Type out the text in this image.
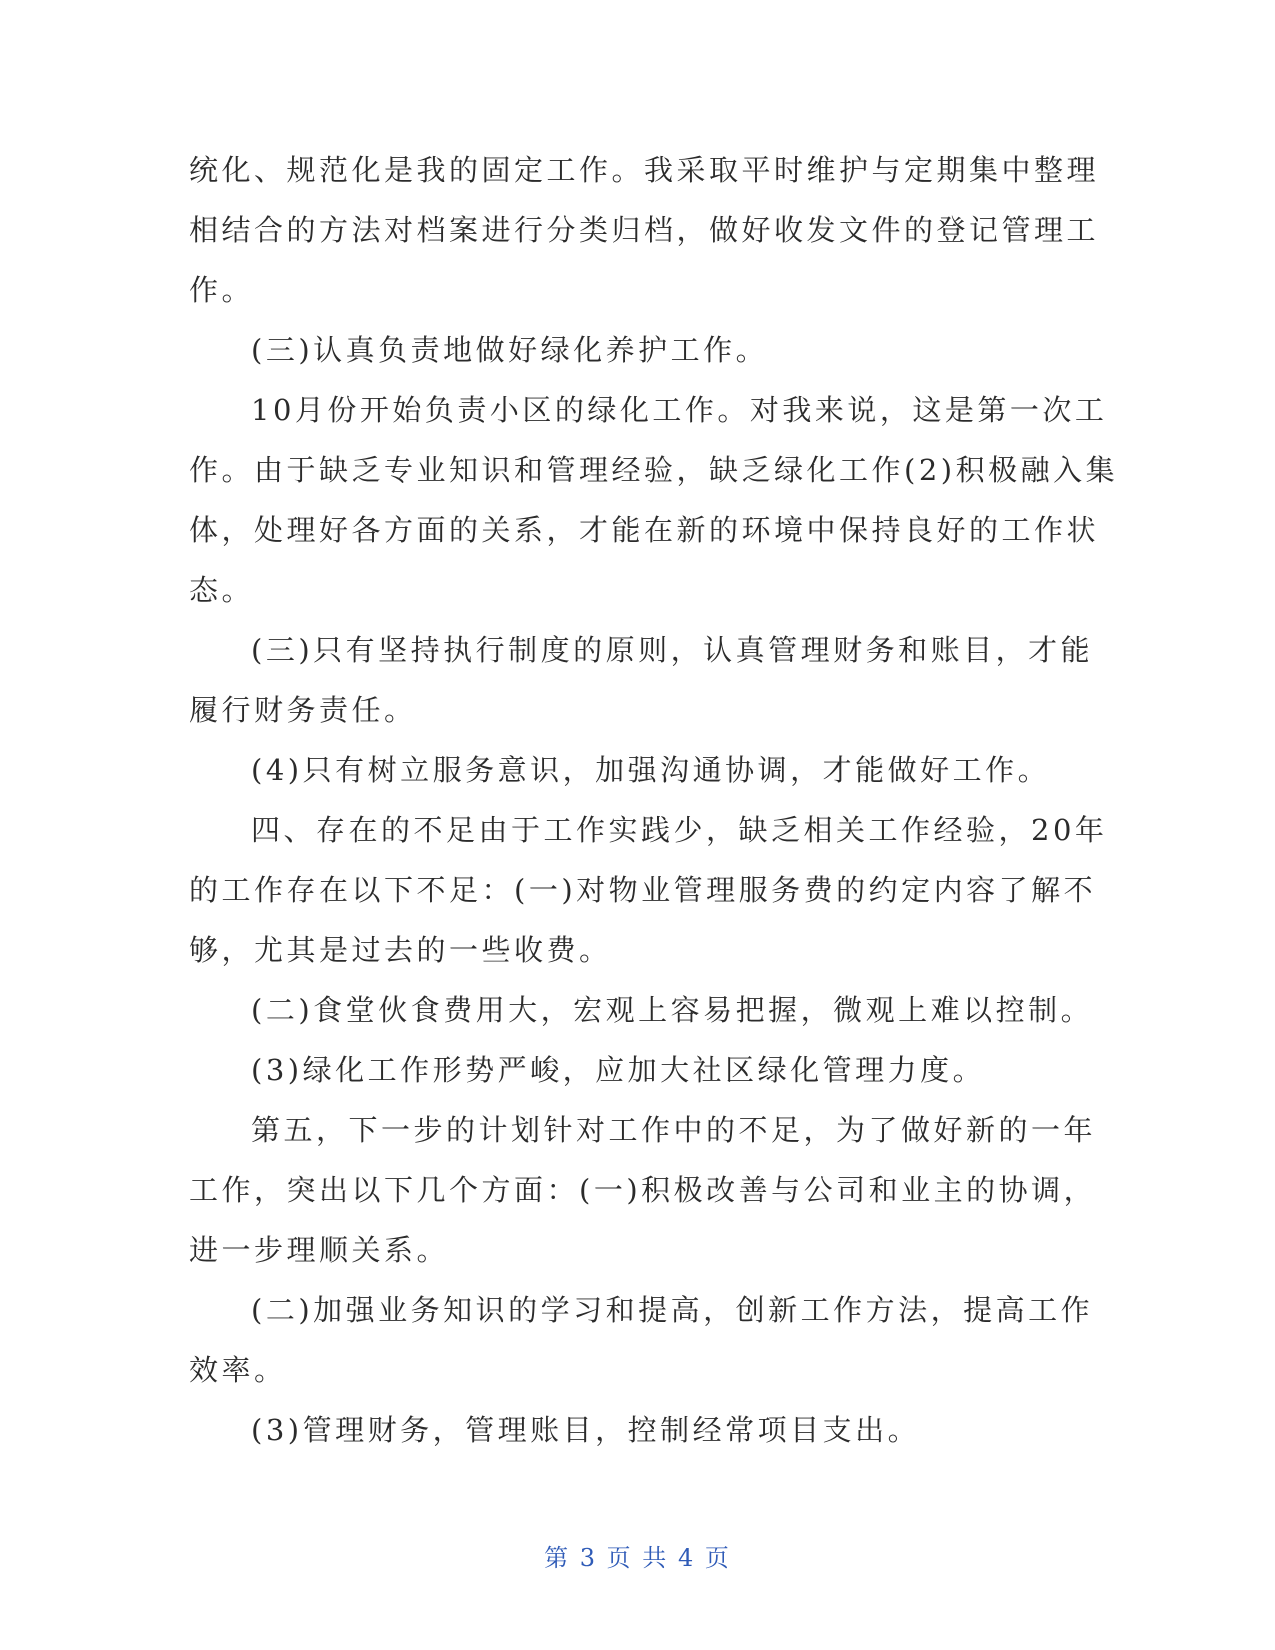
统化、规范化是我的固定工作。我采取平时维护与定期集中整理
相结合的方法对档案进行分类归档，做好收发文件的登记管理工
作。
(三)认真负责地做好绿化养护工作。
10月份开始负责小区的绿化工作。对我来说，这是第一次工
作。由于缺乏专业知识和管理经验，缺乏绿化工作(2)积极融入集
体，处理好各方面的关系，才能在新的环境中保持良好的工作状
态。
(三)只有坚持执行制度的原则，认真管理财务和账目，才能
履行财务责任。
(4)只有树立服务意识，加强沟通协调，才能做好工作。
四、存在的不足由于工作实践少，缺乏相关工作经验，20年
的工作存在以下不足：(一)对物业管理服务费的约定内容了解不
够，尤其是过去的一些收费。
(二)食堂伙食费用大，宏观上容易把握，微观上难以控制。
(3)绿化工作形势严峻，应加大社区绿化管理力度。
第五，下一步的计划针对工作中的不足，为了做好新的一年
工作，突出以下几个方面：(一)积极改善与公司和业主的协调，
进一步理顺关系。
(二)加强业务知识的学习和提高，创新工作方法，提高工作
效率。
(3)管理财务，管理账目，控制经常项目支出。
第 3 页 共 4 页
